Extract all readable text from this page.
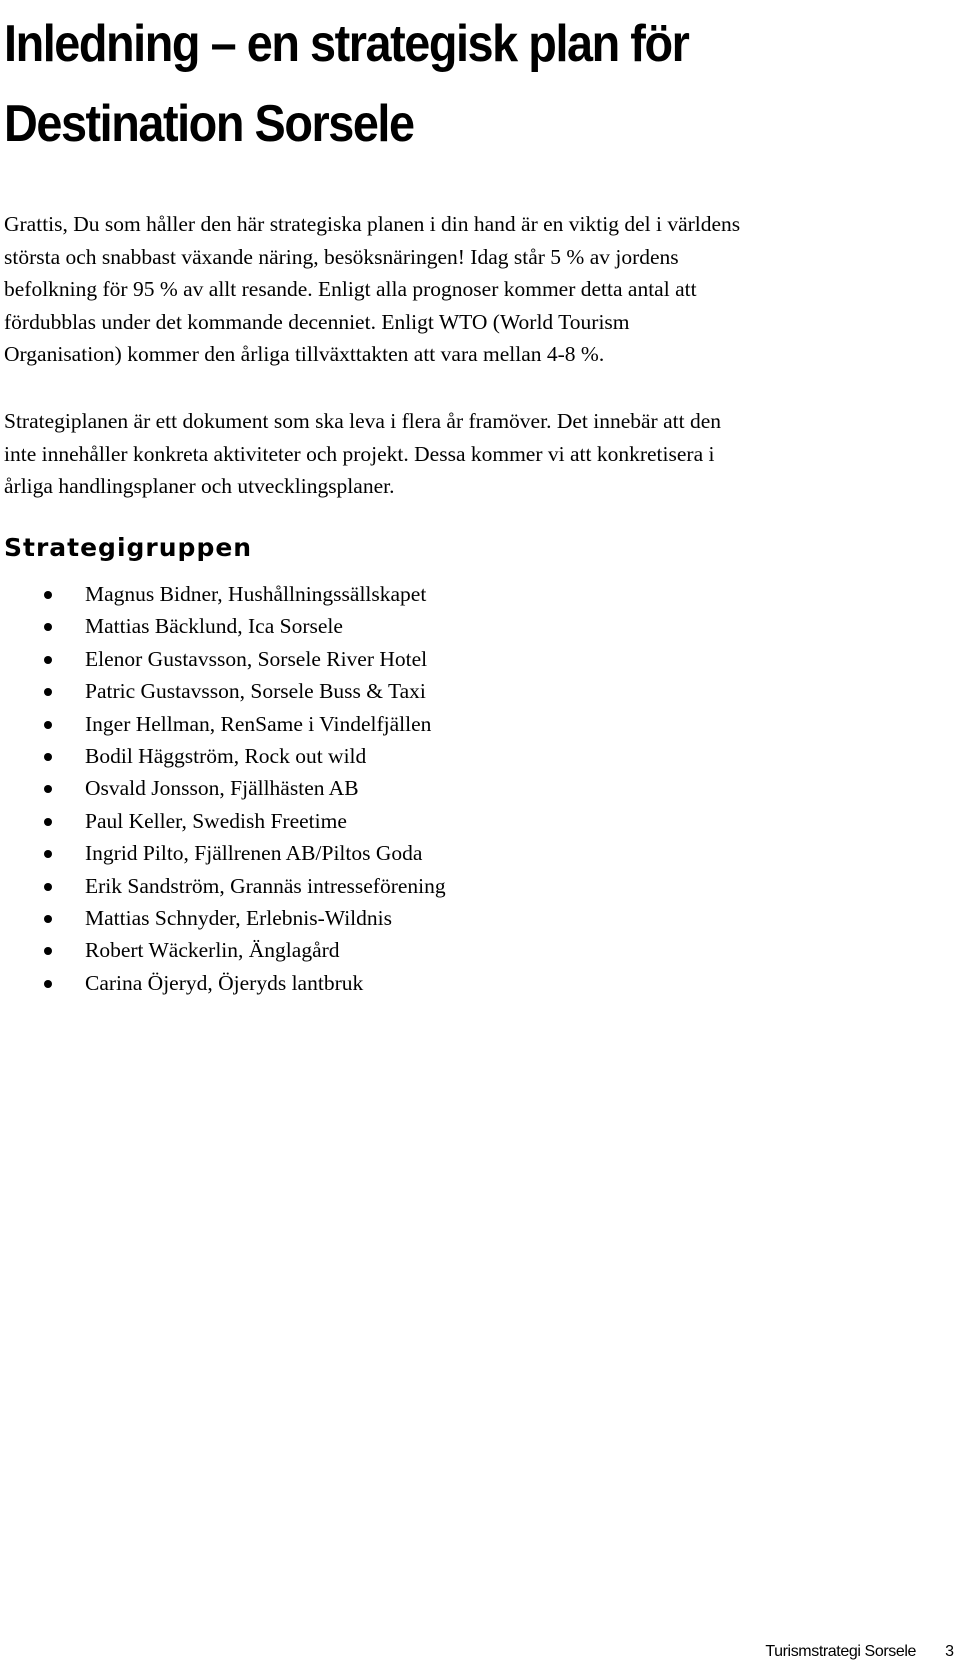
Inledning – en strategisk plan för
Destination Sorsele

Grattis, Du som håller den här strategiska planen i din hand är en viktig del i världens
största och snabbast växande näring, besöksnäringen! Idag står 5 % av jordens
befolkning för 95 % av allt resande. Enligt alla prognoser kommer detta antal att
fördubblas under det kommande decenniet. Enligt WTO (World Tourism
Organisation) kommer den årliga tillväxttakten att vara mellan 4-8 %.

Strategiplanen är ett dokument som ska leva i flera år framöver. Det innebär att den
inte innehåller konkreta aktiviteter och projekt. Dessa kommer vi att konkretisera i
årliga handlingsplaner och utvecklingsplaner.

Strategigruppen
Magnus Bidner, Hushållningssällskapet
Mattias Bäcklund, Ica Sorsele
Elenor Gustavsson, Sorsele River Hotel
Patric Gustavsson, Sorsele Buss & Taxi
Inger Hellman, RenSame i Vindelfjällen
Bodil Häggström, Rock out wild
Osvald Jonsson, Fjällhästen AB
Paul Keller, Swedish Freetime
Ingrid Pilto, Fjällrenen AB/Piltos Goda
Erik Sandström, Grannäs intresseförening
Mattias Schnyder, Erlebnis-Wildnis
Robert Wäckerlin, Änglagård
Carina Öjeryd, Öjeryds lantbruk
Turismstrategi Sorsele 3
